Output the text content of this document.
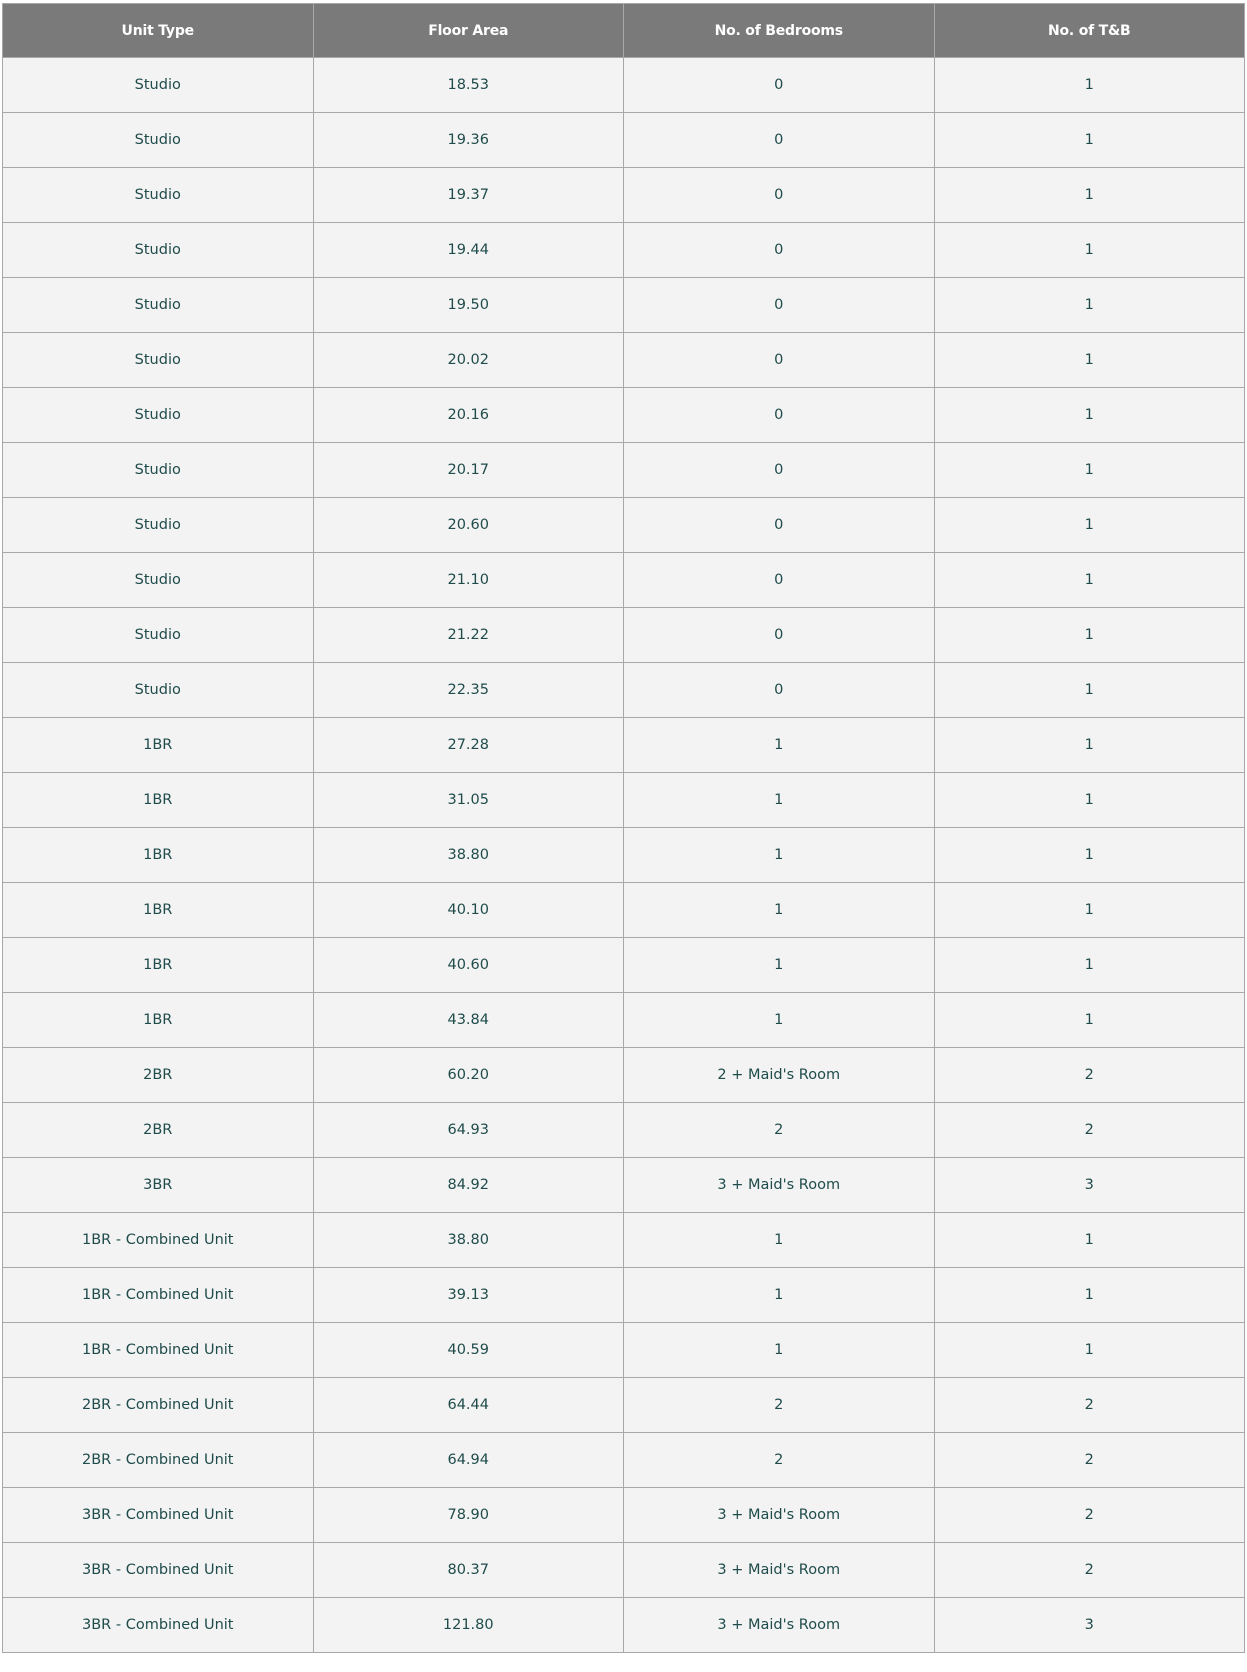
Unit Type	Floor Area	No. of Bedrooms	No. of T&B
Studio	18.53	0	1
Studio	19.36	0	1
Studio	19.37	0	1
Studio	19.44	0	1
Studio	19.50	0	1
Studio	20.02	0	1
Studio	20.16	0	1
Studio	20.17	0	1
Studio	20.60	0	1
Studio	21.10	0	1
Studio	21.22	0	1
Studio	22.35	0	1
1BR	27.28	1	1
1BR	31.05	1	1
1BR	38.80	1	1
1BR	40.10	1	1
1BR	40.60	1	1
1BR	43.84	1	1
2BR	60.20	2 + Maid's Room	2
2BR	64.93	2	2
3BR	84.92	3 + Maid's Room	3
1BR - Combined Unit	38.80	1	1
1BR - Combined Unit	39.13	1	1
1BR - Combined Unit	40.59	1	1
2BR - Combined Unit	64.44	2	2
2BR - Combined Unit	64.94	2	2
3BR - Combined Unit	78.90	3 + Maid's Room	2
3BR - Combined Unit	80.37	3 + Maid's Room	2
3BR - Combined Unit	121.80	3 + Maid's Room	3
